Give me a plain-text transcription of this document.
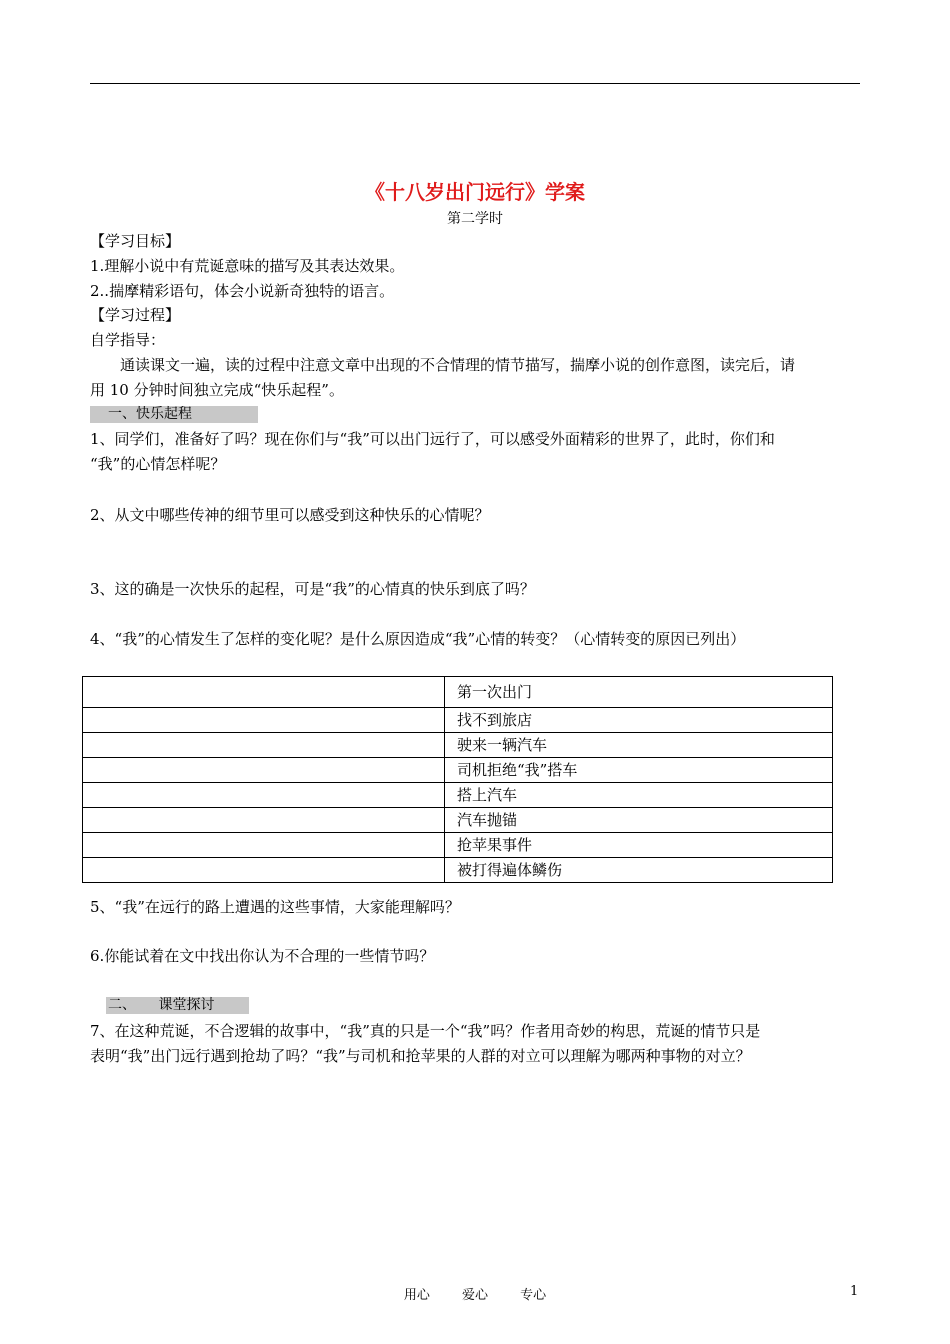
《十八岁出门远行》学案
第二学时
【学习目标】
1.理解小说中有荒诞意味的描写及其表达效果。
2..揣摩精彩语句，体会小说新奇独特的语言。
【学习过程】
自学指导：
　　通读课文一遍，读的过程中注意文章中出现的不合情理的情节描写，揣摩小说的创作意图，读完后，请
用 10 分钟时间独立完成“快乐起程”。
一、快乐起程
1、同学们，准备好了吗？现在你们与“我”可以出门远行了，可以感受外面精彩的世界了，此时，你们和
“我”的心情怎样呢？
2、从文中哪些传神的细节里可以感受到这种快乐的心情呢？
3、这的确是一次快乐的起程，可是“我”的心情真的快乐到底了吗？
4、“我”的心情发生了怎样的变化呢？是什么原因造成“我”心情的转变？（心情转变的原因已列出）
	第一次出门
	找不到旅店
	驶来一辆汽车
	司机拒绝“我”搭车
	搭上汽车
	汽车抛锚
	抢苹果事件
	被打得遍体鳞伤
5、“我”在远行的路上遭遇的这些事情，大家能理解吗？
6.你能试着在文中找出你认为不合理的一些情节吗？
二、 课堂探讨
7、在这种荒诞，不合逻辑的故事中，“我”真的只是一个“我”吗？作者用奇妙的构思，荒诞的情节只是
表明“我”出门远行遇到抢劫了吗？“我”与司机和抢苹果的人群的对立可以理解为哪两种事物的对立？
用心 爱心 专心	1
